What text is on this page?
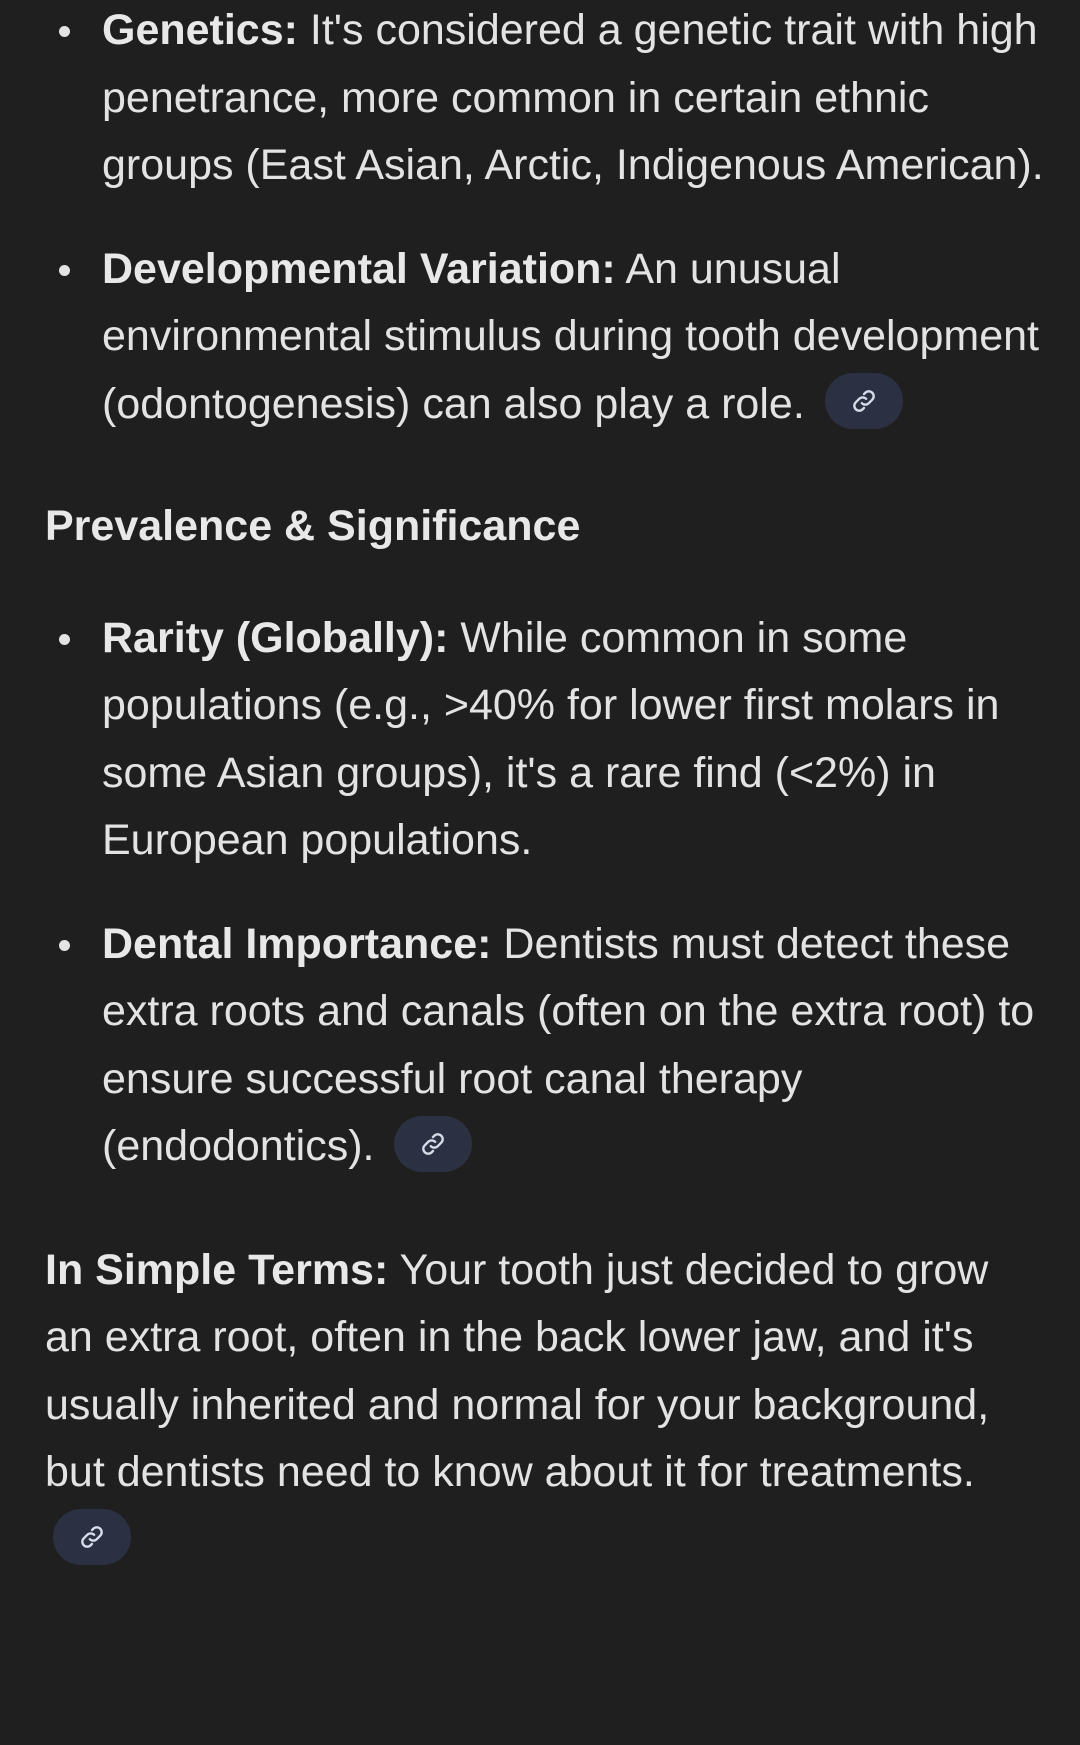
Genetics: It's considered a genetic trait with high penetrance, more common in certain ethnic groups (East Asian, Arctic, Indigenous American).
Developmental Variation: An unusual environmental stimulus during tooth development (odontogenesis) can also play a role.

Prevalence & Significance

Rarity (Globally): While common in some populations (e.g., >40% for lower first molars in some Asian groups), it's a rare find (<2%) in European populations.
Dental Importance: Dentists must detect these extra roots and canals (often on the extra root) to ensure successful root canal therapy (endodontics).

In Simple Terms: Your tooth just decided to grow an extra root, often in the back lower jaw, and it's usually inherited and normal for your background, but dentists need to know about it for treatments.
